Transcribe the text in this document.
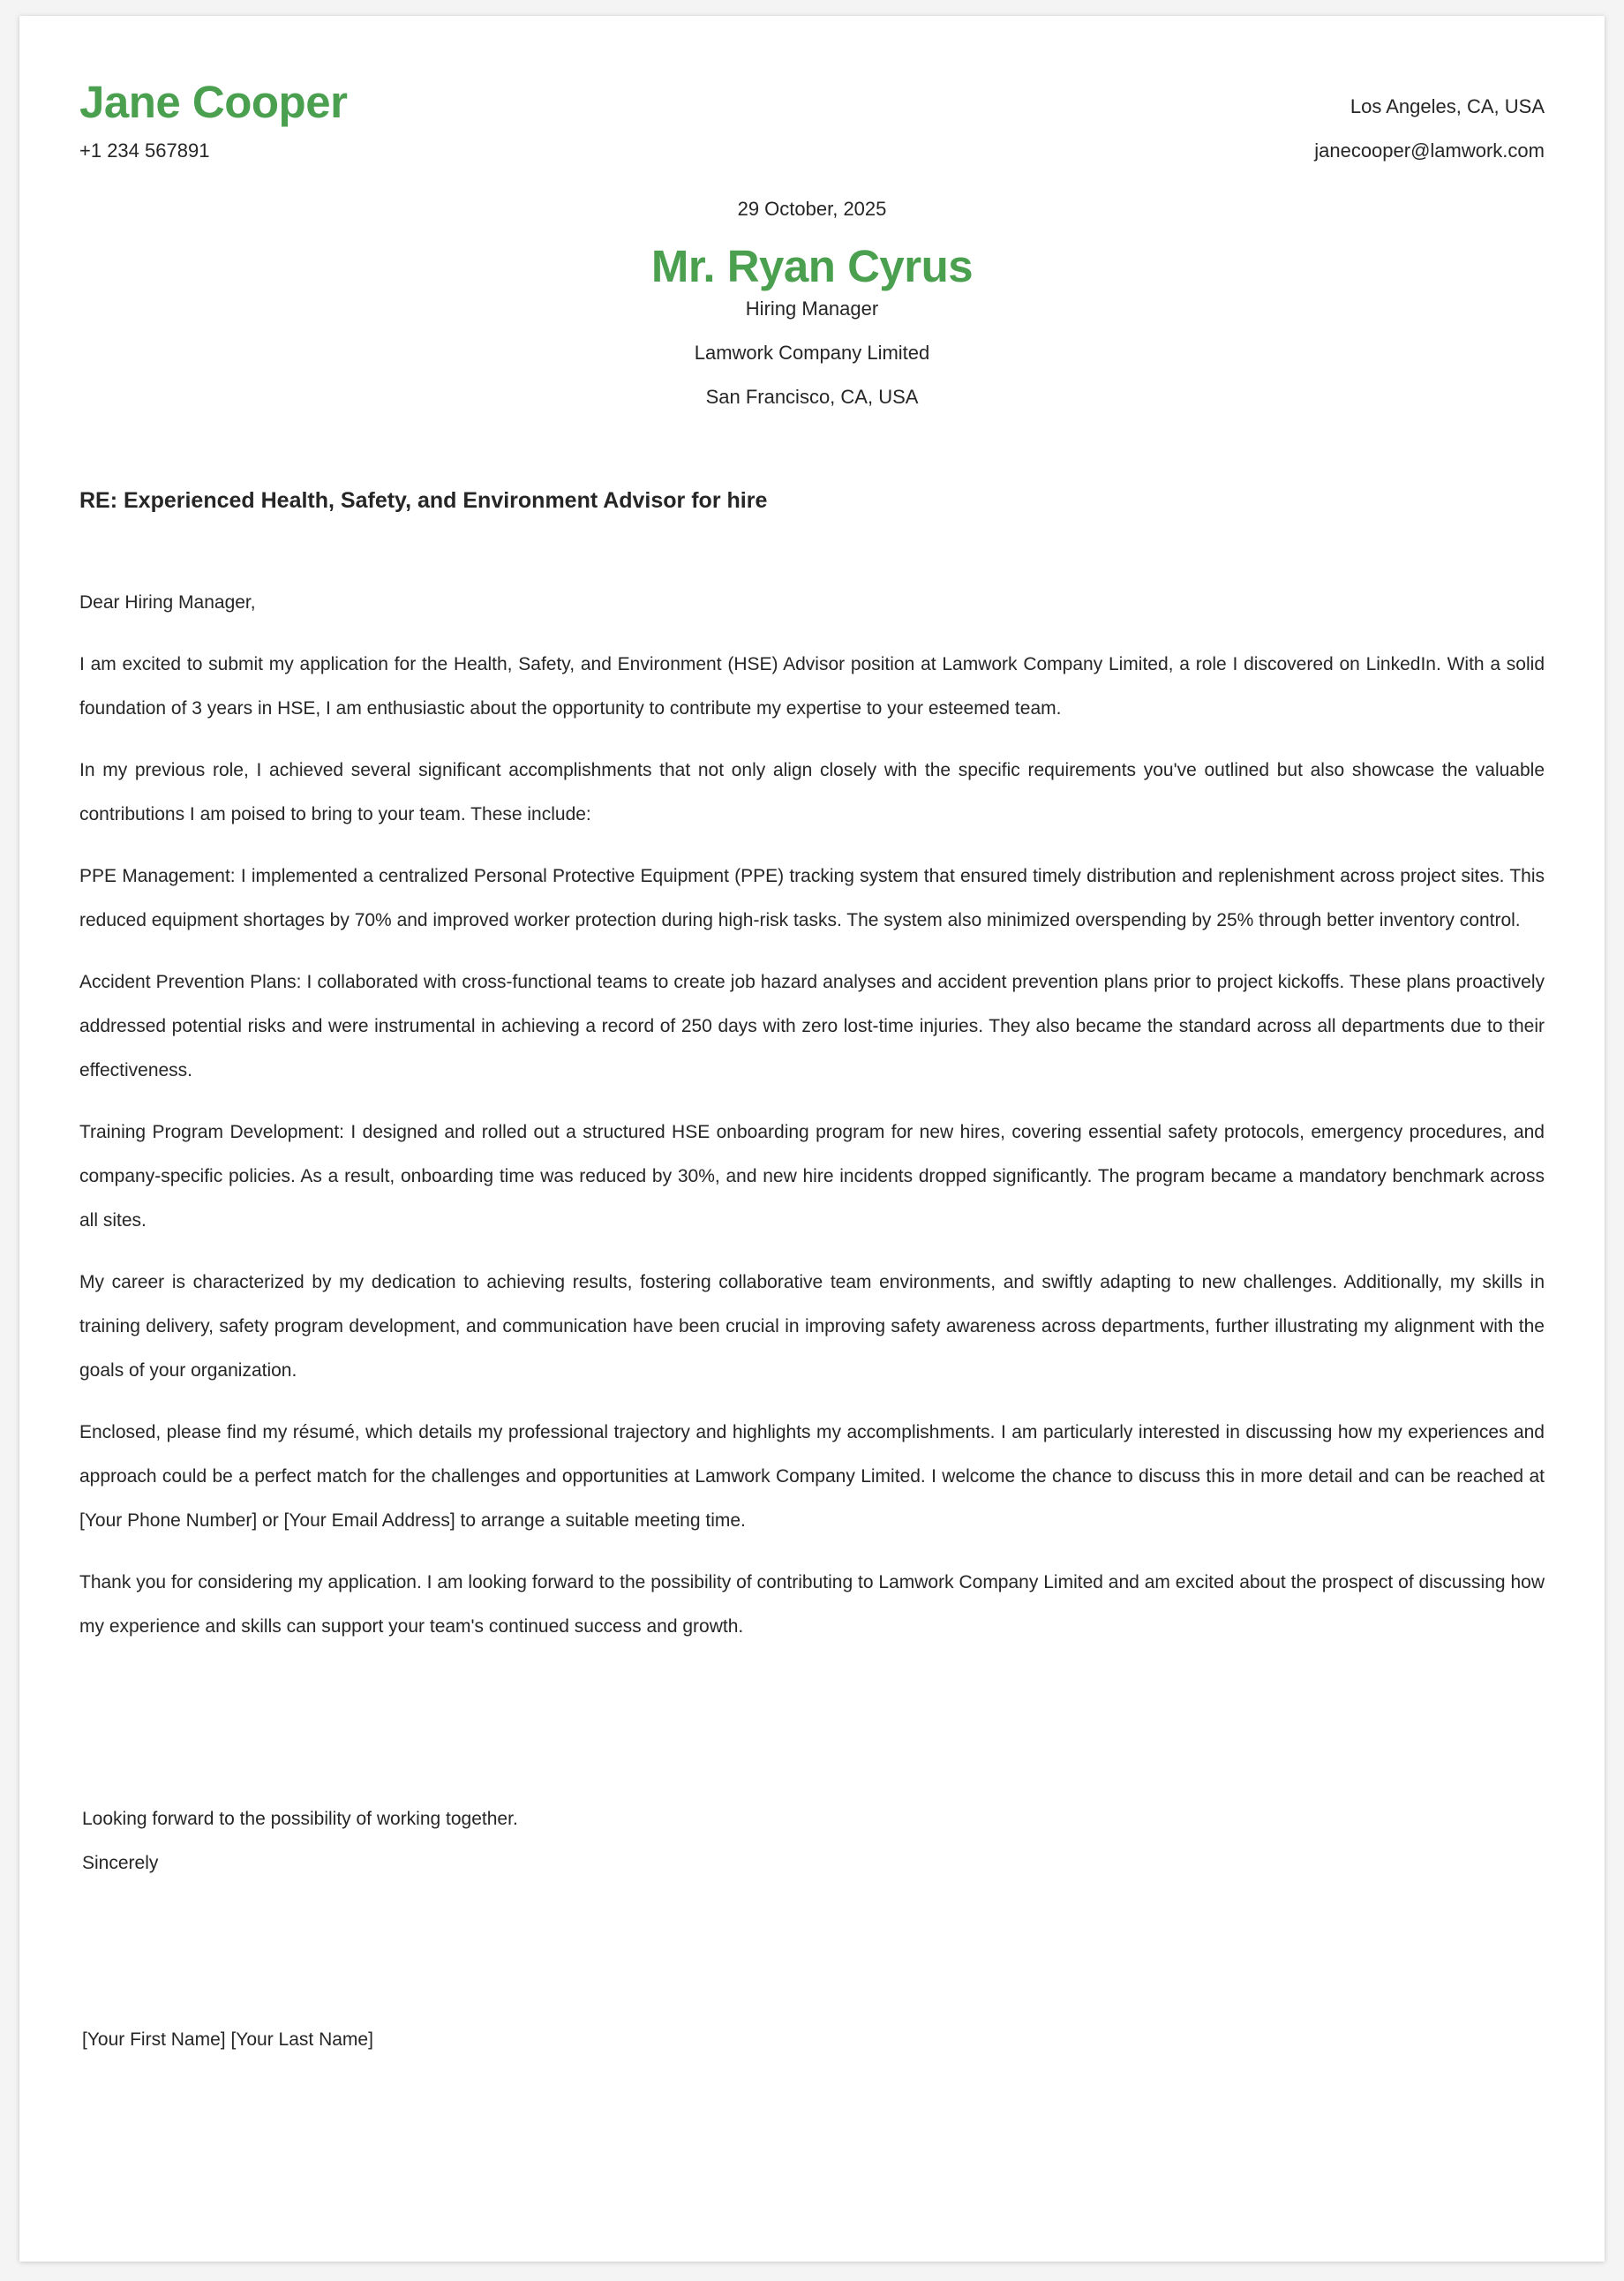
Jane Cooper
+1 234 567891
Los Angeles, CA, USA
janecooper@lamwork.com
29 October, 2025
Mr. Ryan Cyrus
Hiring Manager
Lamwork Company Limited
San Francisco, CA, USA
RE: Experienced Health, Safety, and Environment Advisor for hire

Dear Hiring Manager,

I am excited to submit my application for the Health, Safety, and Environment (HSE) Advisor position at Lamwork Company Limited, a role I discovered on LinkedIn. With a solid foundation of 3 years in HSE, I am enthusiastic about the opportunity to contribute my expertise to your esteemed team.

In my previous role, I achieved several significant accomplishments that not only align closely with the specific requirements you've outlined but also showcase the valuable contributions I am poised to bring to your team. These include:

PPE Management: I implemented a centralized Personal Protective Equipment (PPE) tracking system that ensured timely distribution and replenishment across project sites. This reduced equipment shortages by 70% and improved worker protection during high-risk tasks. The system also minimized overspending by 25% through better inventory control.

Accident Prevention Plans: I collaborated with cross-functional teams to create job hazard analyses and accident prevention plans prior to project kickoffs. These plans proactively addressed potential risks and were instrumental in achieving a record of 250 days with zero lost-time injuries. They also became the standard across all departments due to their effectiveness.

Training Program Development: I designed and rolled out a structured HSE onboarding program for new hires, covering essential safety protocols, emergency procedures, and company-specific policies. As a result, onboarding time was reduced by 30%, and new hire incidents dropped significantly. The program became a mandatory benchmark across all sites.

My career is characterized by my dedication to achieving results, fostering collaborative team environments, and swiftly adapting to new challenges. Additionally, my skills in training delivery, safety program development, and communication have been crucial in improving safety awareness across departments, further illustrating my alignment with the goals of your organization.

Enclosed, please find my résumé, which details my professional trajectory and highlights my accomplishments. I am particularly interested in discussing how my experiences and approach could be a perfect match for the challenges and opportunities at Lamwork Company Limited. I welcome the chance to discuss this in more detail and can be reached at [Your Phone Number] or [Your Email Address] to arrange a suitable meeting time.

Thank you for considering my application. I am looking forward to the possibility of contributing to Lamwork Company Limited and am excited about the prospect of discussing how my experience and skills can support your team's continued success and growth.

Looking forward to the possibility of working together.
Sincerely
[Your First Name] [Your Last Name]
